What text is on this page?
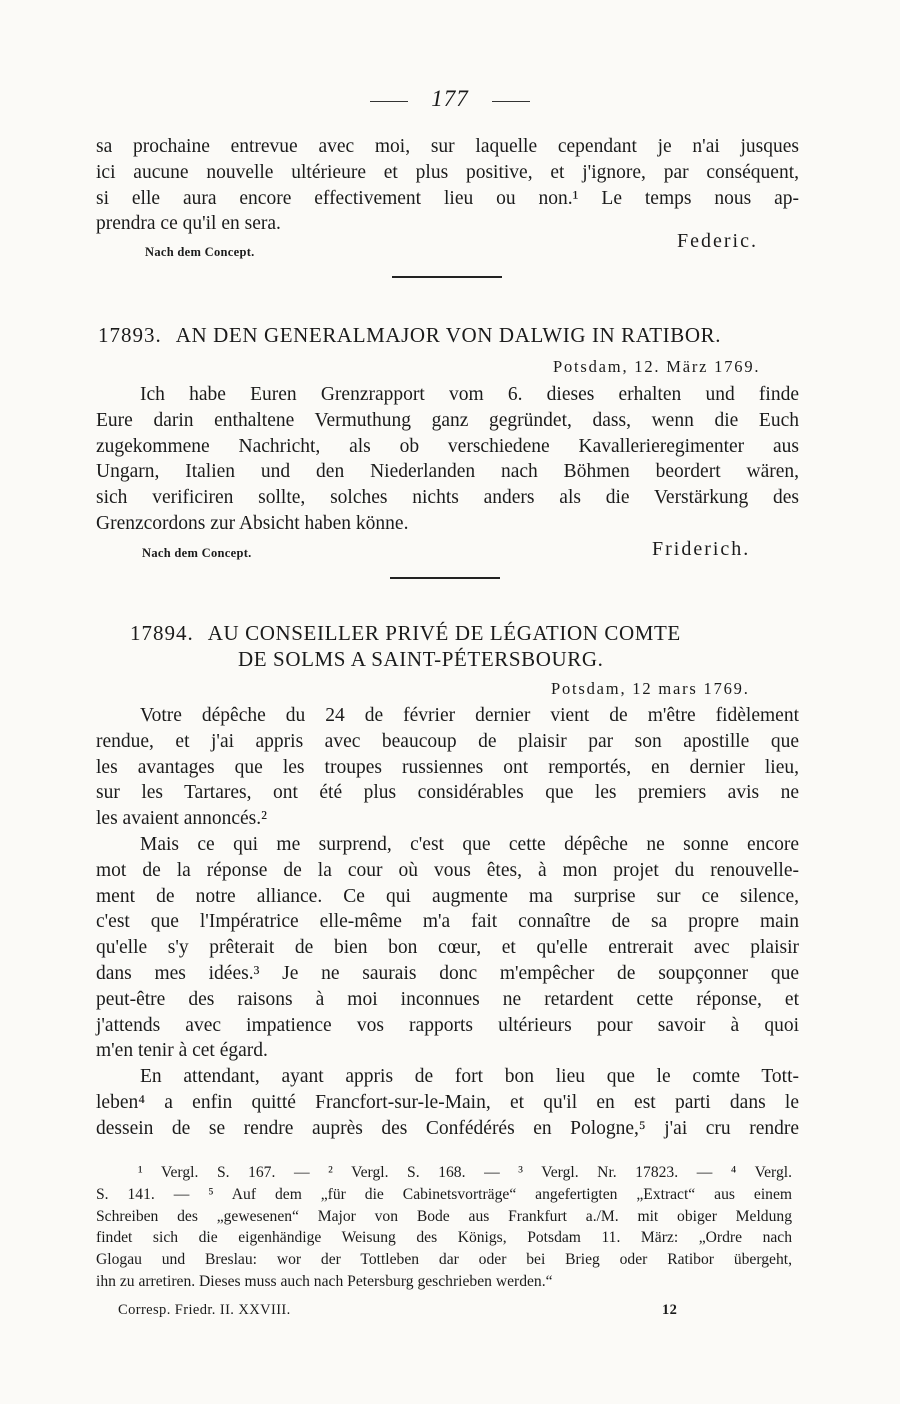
177
sa prochaine entrevue avec moi, sur laquelle cependant je n'ai jusques
ici aucune nouvelle ultérieure et plus positive, et j'ignore, par conséquent,
si elle aura encore effectivement lieu ou non.¹ Le temps nous ap-
prendra ce qu'il en sera.
Federic.
Nach dem Concept.
17893. AN DEN GENERALMAJOR VON DALWIG IN RATIBOR.
Potsdam, 12. März 1769.
Ich habe Euren Grenzrapport vom 6. dieses erhalten und finde
Eure darin enthaltene Vermuthung ganz gegründet, dass, wenn die Euch
zugekommene Nachricht, als ob verschiedene Kavallerieregimenter aus
Ungarn, Italien und den Niederlanden nach Böhmen beordert wären,
sich verificiren sollte, solches nichts anders als die Verstärkung des
Grenzcordons zur Absicht haben könne.
Nach dem Concept.	Friderich.
17894. AU CONSEILLER PRIVÉ DE LÉGATION COMTE
DE SOLMS A SAINT-PÉTERSBOURG.
Potsdam, 12 mars 1769.
Votre dépêche du 24 de février dernier vient de m'être fidèlement
rendue, et j'ai appris avec beaucoup de plaisir par son apostille que
les avantages que les troupes russiennes ont remportés, en dernier lieu,
sur les Tartares, ont été plus considérables que les premiers avis ne
les avaient annoncés.²
Mais ce qui me surprend, c'est que cette dépêche ne sonne encore
mot de la réponse de la cour où vous êtes, à mon projet du renouvelle-
ment de notre alliance. Ce qui augmente ma surprise sur ce silence,
c'est que l'Impératrice elle-même m'a fait connaître de sa propre main
qu'elle s'y prêterait de bien bon cœur, et qu'elle entrerait avec plaisir
dans mes idées.³ Je ne saurais donc m'empêcher de soupçonner que
peut-être des raisons à moi inconnues ne retardent cette réponse, et
j'attends avec impatience vos rapports ultérieurs pour savoir à quoi
m'en tenir à cet égard.
En attendant, ayant appris de fort bon lieu que le comte Tott-
leben⁴ a enfin quitté Francfort-sur-le-Main, et qu'il en est parti dans le
dessein de se rendre auprès des Confédérés en Pologne,⁵ j'ai cru rendre
¹ Vergl. S. 167. — ² Vergl. S. 168. — ³ Vergl. Nr. 17823. — ⁴ Vergl.
S. 141. — ⁵ Auf dem „für die Cabinetsvorträge“ angefertigten „Extract“ aus einem
Schreiben des „gewesenen“ Major von Bode aus Frankfurt a./M. mit obiger Meldung
findet sich die eigenhändige Weisung des Königs, Potsdam 11. März: „Ordre nach
Glogau und Breslau: wor der Tottleben dar oder bei Brieg oder Ratibor übergeht,
ihn zu arretiren. Dieses muss auch nach Petersburg geschrieben werden.“
Corresp. Friedr. II. XXVIII.	12
